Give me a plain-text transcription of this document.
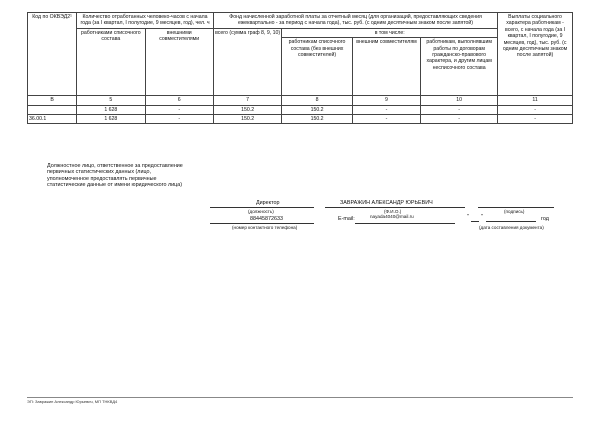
Код по ОКВЭД2¹	Количество отработанных человеко-часов с начала года (за I квартал, I полугодие, 9 месяцев, год), чел. ч		Фонд начисленной заработной платы за отчетный месяц (для организаций, предоставляющих сведения ежеквартально - за период с начала года), тыс. руб. (с одним десятичным знаком после запятой)				Выплаты социального характера работникам - всего, с начала года (за I квартал, I полугодие, 9 месяцев, год), тыс. руб. (с одним десятичным знаком после запятой)
	работниками списочного состава	внешними совместителями	всего (сумма граф 8, 9, 10)	в том числе:			
				работникам списочного состава (без внешних совместителей)	внешним совместителям	работникам, выполнявшим работы по договорам гражданско-правового характера, и другим лицам несписочного состава	
В	5	6	7	8	9	10	11
	1 628	-	150.2	150.2	-	-	-
36.00.1	1 628	-	150.2	150.2	-	-	-
Должностное лицо, ответственное за предоставление первичных статистических данных (лицо, уполномоченное предоставлять первичные статистические данные от имени юридического лица)
Директор
(должность)
ЗАВРАЖИН АЛЕКСАНДР ЮРЬЕВИЧ
(Ф.И.О.)	(подпись)
88445872633
(номер контактного телефона)
E-mail:	nayada4040@mail.ru	" "	год
(дата составления документа)
ЭП: Завражин Александр Юрьевич, МП ТНКВД4
